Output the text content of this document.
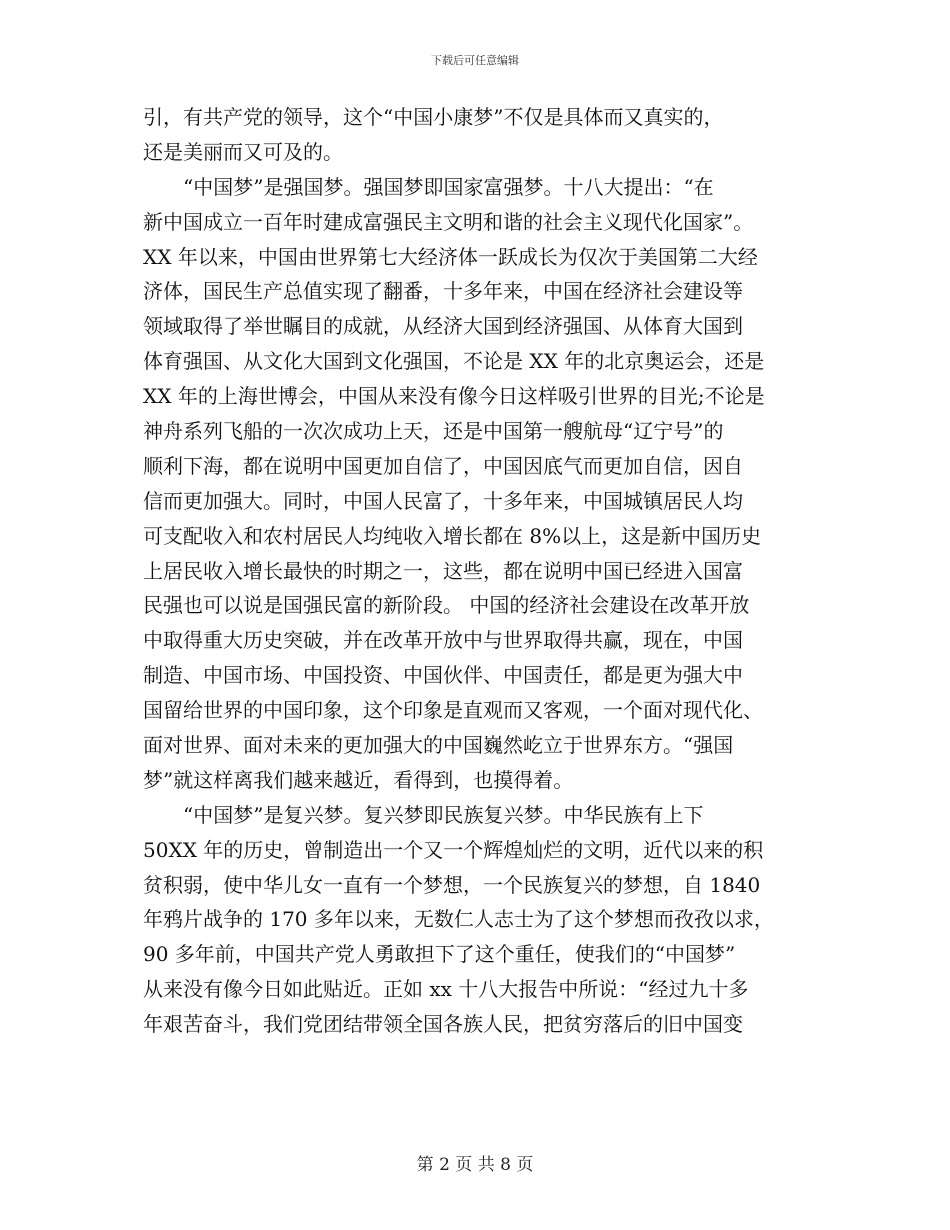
下载后可任意编辑
引，有共产党的领导，这个“中国小康梦”不仅是具体而又真实的，
还是美丽而又可及的。
“中国梦”是强国梦。强国梦即国家富强梦。十八大提出：“在
新中国成立一百年时建成富强民主文明和谐的社会主义现代化国家”。
XX 年以来，中国由世界第七大经济体一跃成长为仅次于美国第二大经
济体，国民生产总值实现了翻番，十多年来，中国在经济社会建设等
领域取得了举世瞩目的成就，从经济大国到经济强国、从体育大国到
体育强国、从文化大国到文化强国，不论是 XX 年的北京奥运会，还是
XX 年的上海世博会，中国从来没有像今日这样吸引世界的目光;不论是
神舟系列飞船的一次次成功上天，还是中国第一艘航母“辽宁号”的
顺利下海，都在说明中国更加自信了，中国因底气而更加自信，因自
信而更加强大。同时，中国人民富了，十多年来，中国城镇居民人均
可支配收入和农村居民人均纯收入增长都在 8%以上，这是新中国历史
上居民收入增长最快的时期之一，这些，都在说明中国已经进入国富
民强也可以说是国强民富的新阶段。 中国的经济社会建设在改革开放
中取得重大历史突破，并在改革开放中与世界取得共赢，现在，中国
制造、中国市场、中国投资、中国伙伴、中国责任，都是更为强大中
国留给世界的中国印象，这个印象是直观而又客观，一个面对现代化、
面对世界、面对未来的更加强大的中国巍然屹立于世界东方。“强国
梦”就这样离我们越来越近，看得到，也摸得着。
“中国梦”是复兴梦。复兴梦即民族复兴梦。中华民族有上下
50XX 年的历史，曾制造出一个又一个辉煌灿烂的文明，近代以来的积
贫积弱，使中华儿女一直有一个梦想，一个民族复兴的梦想，自 1840
年鸦片战争的 170 多年以来，无数仁人志士为了这个梦想而孜孜以求，
90 多年前，中国共产党人勇敢担下了这个重任，使我们的“中国梦”
从来没有像今日如此贴近。正如 xx 十八大报告中所说：“经过九十多
年艰苦奋斗，我们党团结带领全国各族人民，把贫穷落后的旧中国变
第 2 页 共 8 页
